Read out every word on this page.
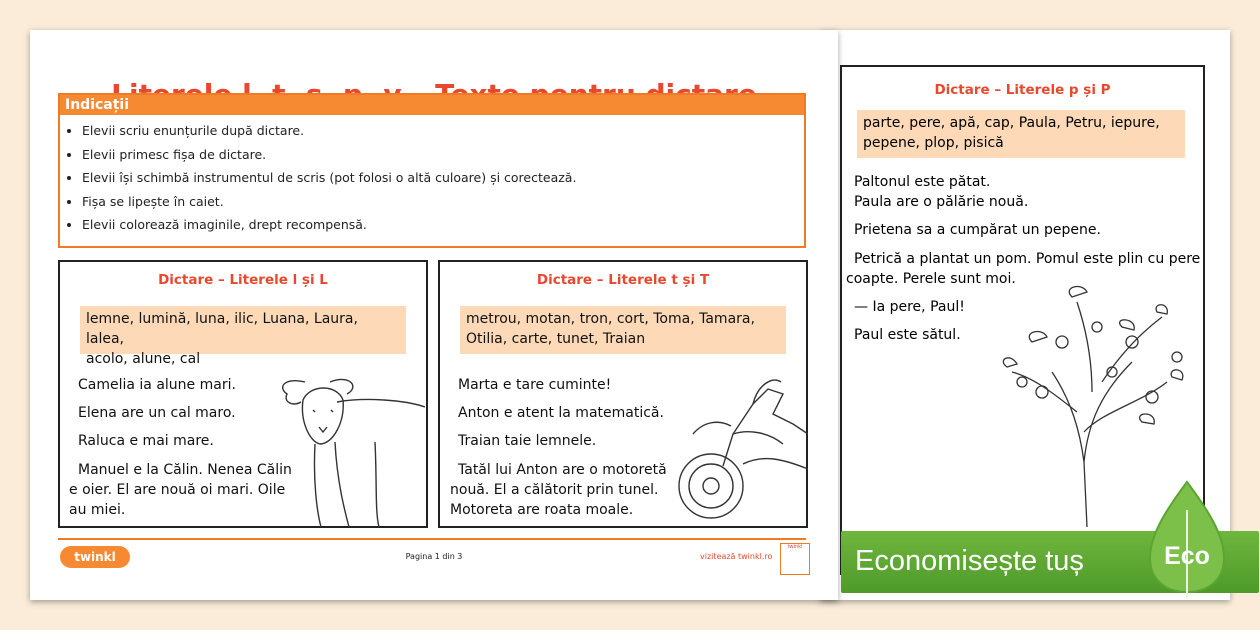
Indicații
• Elevii scriu enunțurile după dictare.
• Elevii primesc fișa de dictare.
• Elevii își schimbă instrumentul de scris (pot folosi o altă culoare) și corectează.
• Fișa se lipește în caiet.
• Elevii colorează imaginile, drept recompensă.
Dictare – Literele l și L
lemne, lumină, luna, ilic, Luana, Laura, lalea,
acolo, alune, cal
Camelia ia alune mari.
Elena are un cal maro.
Raluca e mai mare.
Manuel e la Călin. Nenea Călin
e oier. El are nouă oi mari. Oile
au miei.
Dictare – Literele t și T
metrou, motan, tron, cort, Toma, Tamara,
Otilia, carte, tunet, Traian
Marta e tare cuminte!
Anton e atent la matematică.
Traian taie lemnele.
Tatăl lui Anton are o motoretă
nouă. El a călătorit prin tunel.
Motoreta are roata moale.
twinkl	Pagina 1 din 3	vizitează twinkl.ro
twinkl
Dictare – Literele p și P
parte, pere, apă, cap, Paula, Petru, iepure,
pepene, plop, pisică
Paltonul este pătat.
Paula are o pălărie nouă.
Prietena sa a cumpărat un pepene.
Petrică a plantat un pom. Pomul este plin cu pere
coapte. Perele sunt moi.
— Ia pere, Paul!
Paul este sătul.
Economisește tuș	Eco
